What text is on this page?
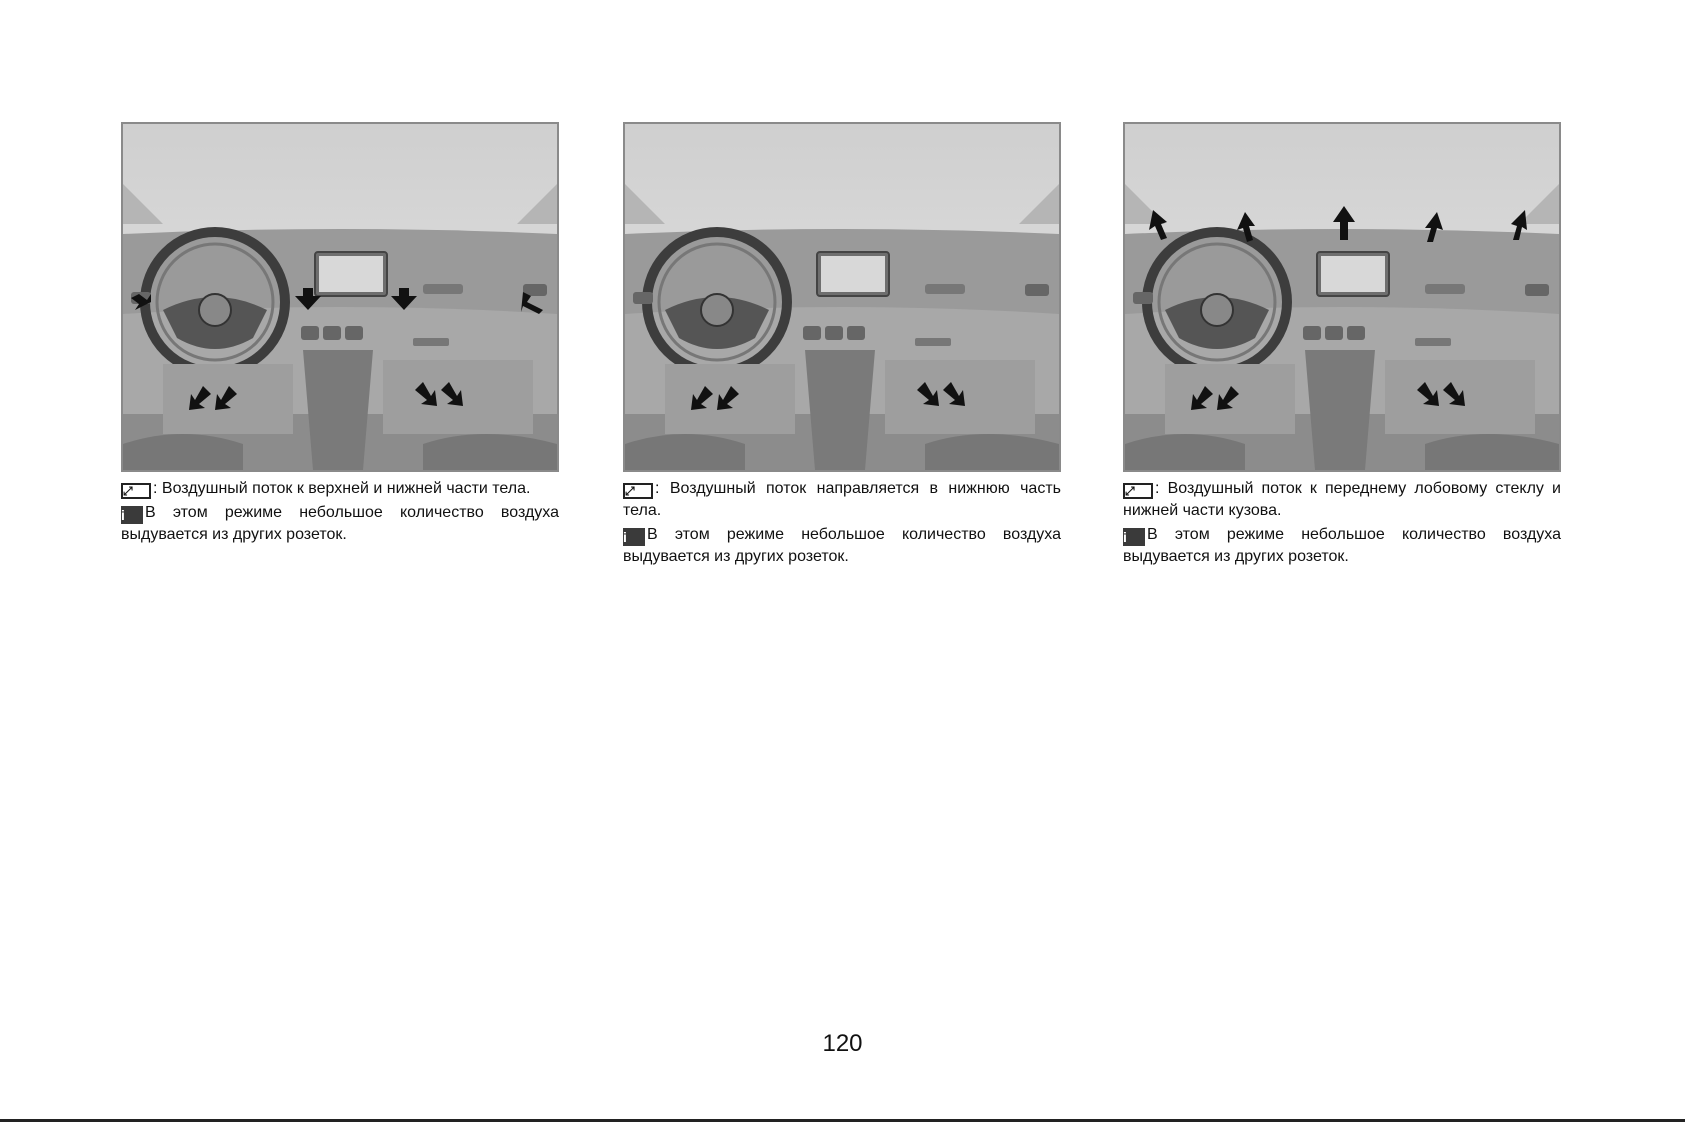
⤢ : Воздушный поток к верхней и нижней части тела.

i В этом режиме небольшое количество воздуха выдувается из других розеток.

⤢ : Воздушный поток направляется в нижнюю часть тела.

i В этом режиме небольшое количество воздуха выдувается из других розеток.

⤢ : Воздушный поток к переднему лобовому стеклу и нижней части кузова.

i В этом режиме небольшое количество воздуха выдувается из других розеток.

120
